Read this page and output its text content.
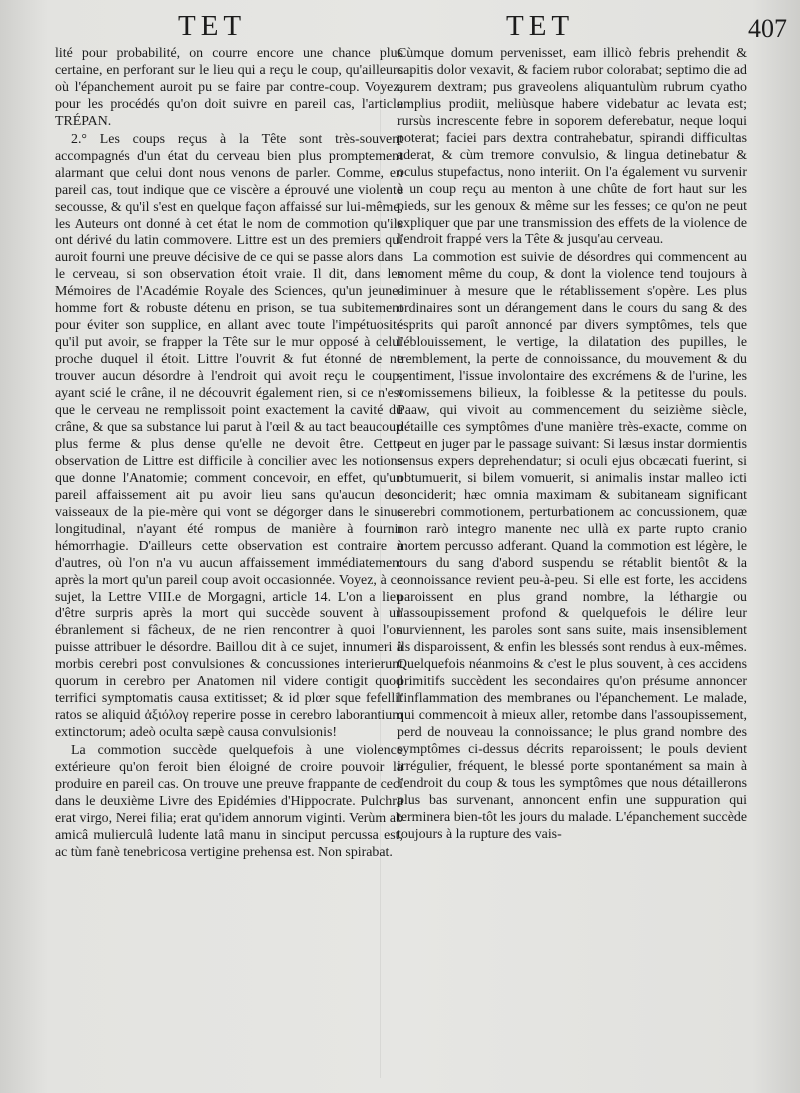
TET	TET	407

lité pour probabilité, on courre encore une chance plus certaine, en perforant sur le lieu qui a reçu le coup, qu'ailleurs où l'épanchement auroit pu se faire par contre-coup. Voyez, pour les procédés qu'on doit suivre en pareil cas, l'article TRÉPAN.

2.° Les coups reçus à la Tête sont très-souvent accompagnés d'un état du cerveau bien plus promptement alarmant que celui dont nous venons de parler. Comme, en pareil cas, tout indique que ce viscère a éprouvé une violente secousse, & qu'il s'est en quelque façon affaissé sur lui-même, les Auteurs ont donné à cet état le nom de commotion qu'ils ont dérivé du latin commovere. Littre est un des premiers qui auroit fourni une preuve décisive de ce qui se passe alors dans le cerveau, si son observation étoit vraie. Il dit, dans les Mémoires de l'Académie Royale des Sciences, qu'un jeune-homme fort & robuste détenu en prison, se tua subitement pour éviter son supplice, en allant avec toute l'impétuosité qu'il put avoir, se frapper la Tête sur le mur opposé à celui proche duquel il étoit. Littre l'ouvrit & fut étonné de ne trouver aucun désordre à l'endroit qui avoit reçu le coup; ayant scié le crâne, il ne découvrit également rien, si ce n'est que le cerveau ne remplissoit point exactement la cavité du crâne, & que sa substance lui parut à l'œil & au tact beaucoup plus ferme & plus dense qu'elle ne devoit être. Cette observation de Littre est difficile à concilier avec les notions que donne l'Anatomie; comment concevoir, en effet, qu'un pareil affaissement ait pu avoir lieu sans qu'aucun des vaisseaux de la pie-mère qui vont se dégorger dans le sinus longitudinal, n'ayant été rompus de manière à fournir hémorrhagie. D'ailleurs cette observation est contraire à d'autres, où l'on n'a vu aucun affaissement immédiatement après la mort qu'un pareil coup avoit occasionnée. Voyez, à ce sujet, la Lettre VIII.e de Morgagni, article 14. L'on a lieu d'être surpris après la mort qui succède souvent à un ébranlement si fâcheux, de ne rien rencontrer à quoi l'on puisse attribuer le désordre. Baillou dit à ce sujet, innumeri à morbis cerebri post convulsiones & concussiones interierunt quorum in cerebro per Anatomen nil videre contigit quod terrifici symptomatis causa extitisset; & id plœr sque fefellit ratos se aliquid ἀξιόλογ reperire posse in cerebro laborantium extinctorum; adeò oculta sæpè causa convulsionis!

La commotion succède quelquefois à une violence extérieure qu'on feroit bien éloigné de croire pouvoir la produire en pareil cas. On trouve une preuve frappante de ceci dans le deuxième Livre des Epidémies d'Hippocrate. Pulchra erat virgo, Nerei filia; erat qu'idem annorum viginti. Verùm ab amicâ mulierculâ ludente latâ manu in sinciput percussa est, ac tùm fanè tenebricosa vertigine prehensa est. Non spirabat.

Cùmque domum pervenisset, eam illicò febris prehendit & capitis dolor vexavit, & faciem rubor colorabat; septimo die ad aurem dextram; pus graveolens aliquantulùm rubrum cyatho amplius prodiit, meliùsque habere videbatur ac levata est; rursùs increscente febre in soporem deferebatur, neque loqui poterat; faciei pars dextra contrahebatur, spirandi difficultas aderat, & cùm tremore convulsio, & lingua detinebatur & oculus stupefactus, nono interiit. On l'a également vu survenir à un coup reçu au menton à une chûte de fort haut sur les pieds, sur les genoux & même sur les fesses; ce qu'on ne peut expliquer que par une transmission des effets de la violence de l'endroit frappé vers la Tête & jusqu'au cerveau.

La commotion est suivie de désordres qui commencent au moment même du coup, & dont la violence tend toujours à diminuer à mesure que le rétablissement s'opère. Les plus ordinaires sont un dérangement dans le cours du sang & des esprits qui paroît annoncé par divers symptômes, tels que l'éblouissement, le vertige, la dilatation des pupilles, le tremblement, la perte de connoissance, du mouvement & du sentiment, l'issue involontaire des excrémens & de l'urine, les vomissemens bilieux, la foiblesse & la petitesse du pouls. Paaw, qui vivoit au commencement du seizième siècle, détaille ces symptômes d'une manière très-exacte, comme on peut en juger par le passage suivant: Si læsus instar dormientis sensus expers deprehendatur; si oculi ejus obcæcati fuerint, si obtumuerit, si bilem vomuerit, si animalis instar malleo icti conciderit; hæc omnia maximam & subitaneam significant cerebri commotionem, perturbationem ac concussionem, quæ non rarò integro manente nec ullà ex parte rupto cranio mortem percusso adferant. Quand la commotion est légère, le cours du sang d'abord suspendu se rétablit bientôt & la connoissance revient peu-à-peu. Si elle est forte, les accidens paroissent en plus grand nombre, la léthargie ou l'assoupissement profond & quelquefois le délire leur surviennent, les paroles sont sans suite, mais insensiblement ils disparoissent, & enfin les blessés sont rendus à eux-mêmes. Quelquefois néanmoins & c'est le plus souvent, à ces accidens primitifs succèdent les secondaires qu'on présume annoncer l'inflammation des membranes ou l'épanchement. Le malade, qui commencoit à mieux aller, retombe dans l'assoupissement, perd de nouveau la connoissance; le plus grand nombre des symptômes ci-dessus décrits reparoissent; le pouls devient irrégulier, fréquent, le blessé porte spontanément sa main à l'endroit du coup & tous les symptômes que nous détaillerons plus bas survenant, annoncent enfin une suppuration qui terminera bien-tôt les jours du malade. L'épanchement succède toujours à la rupture des vais-
